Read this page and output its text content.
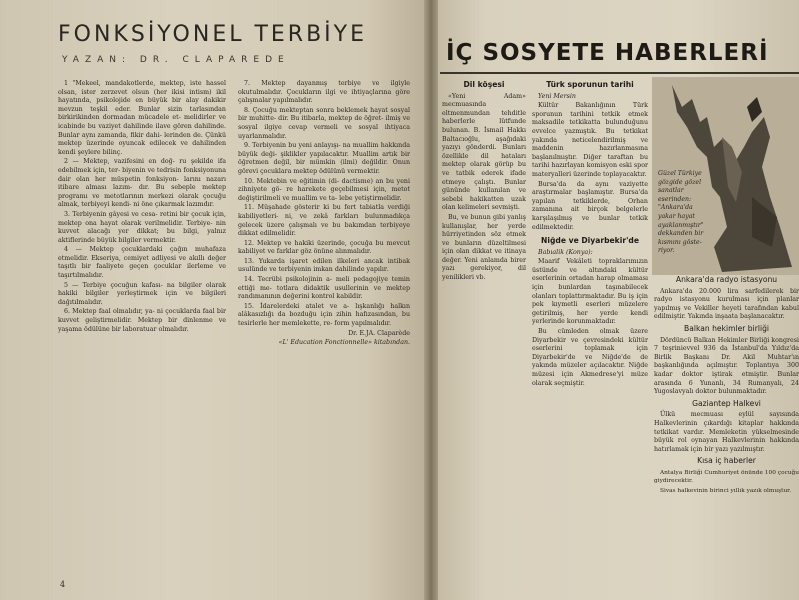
FONKSİYONEL TERBİYE
YAZAN: DR. CLAPAREDE

1 "Mekeel, mandakotlerde, mektep, iste hassel olsan, ister zerzevet olsun (her ikisi intism) ikil hayatında, psikolojide en büyük bir alay dakikir mevzun teşkil eder. Bunlar sizin tarlasından birkirikinden dormadan mücadele et- melidirler ve icabinde bu vaziyet dahilinde ilave gören dahilinde. Bunlar aynı zamanda, fikir dahi- lerinden de. Çünkü mektep üzerinde oyuncak edilecek ve dahilinden kendi şeylere bilinç.

2 — Mektep, vazifesini en doğ- ru şekilde ifa edebilmek için, ter- biyenin ve tedrisin fonksiyonuna dair olan her müspetin fonksiyon- larını nazarı itibare alması lazım- dır. Bu sebeple mektep programı ve metotlarının merkezi olarak çocuğu almak, terbiyeyi kendi- ni öne çıkarmak lazımdır.

3. Terbiyenin gâyesi ve cesa- retini bir çocuk için, mektep ona hayat olarak verilmelidir. Terbiye- nin kuvvet alacağı yer dikkat; bu bilgi, yalnız aktiflerinde büyük bilgiler vermektir.

4 — Mektep çocuklardaki çağın muhafaza etmelidir. Ekseriya, cemiyet adliyesi ve akıllı değer taşıtlı bir faaliyete geçen çocuklar ilerleme ve taşırtılmalıdır.

5 — Terbiye çocuğun kafası- na bilgiler olarak hakiki bilgiler yerleştirmek için ve bilgileri dağıtılmalıdır.

6. Mektep faal olmalıdır, ya- ni çocuklarda faal bir kuvvet geliştirmelidir. Mektep bir dinlenme ve yaşama ödülüne bir laboratuar olmalıdır.

7. Mektep dayanmış terbiye ve ilgiyle okutulmalıdır. Çocukların ilgi ve ihtiyaçlarına göre çalışmalar yapılmalıdır.

8. Çocuğu mekteptan sonra beklemek hayat sosyal bir muhitte- dir. Bu itibarla, mektep de öğret- ilmiş ve sosyal ilgiye cevap vermeli ve sosyal ihtiyaca uyarlanmalıdır.

9. Terbiyenin bu yeni anlayışı- na muallim hakkında büyük deği- şiklikler yapılacaktır. Muallim artık bir öğretmen değil, bir mümkin (ilmi) değildir. Onun görevi çocuklara mektep ödülünü vermektir.

10. Mektebin ve eğitimin (di- dactisme) an bu yeni zihniyete gö- re harekete geçebilmesi için, metot değiştirilmeli ve muallim ve ta- lebe yetiştirmelidir.

11. Müşahade gösterir ki bu fert tabiatla verdiği kabiliyetleri- ni, ve zekâ farkları bulunmadıkça gelecek üzere çalışmalı ve bu bakımdan terbiyeye dikkat edilmelidir.

12. Mektep ve hakiki üzerinde, çocuğa bu mevcut kabiliyet ve farklar göz önüne alınmalıdır.

13. Yukarda işaret edilen ilkeleri ancak intibak usulünde ve terbiyenin imkan dahilinde yapılır.

14. Tecrübi psikolojinin a- meli pedagojiye temin ettiği me- totlara didaktik usullerinin ve mektep randımanının değerini kontrol kabildir.

15. İdarelerdeki atalet ve a- lışkanlığı halkın alâkasızlığı da bozduğu için zihin hafızasından, bu tesirlerle her memlekette, re- form yapılmalıdır.

Dr. E.JA. Claparède

«L' Education Fonctionnelle» kitabından.

4
İÇ SOSYETE HABERLERİ
Dil köşesi

«Yeni Adam» mecmuasında eltmenmundan tehditle haberlerle lütfunde bulunan. B. İsmail Hakkı Baltacıoğlu, aşağıdaki yazıyı gönderdi. Bunları özellikle dil hataları mektep olarak görüp bu ve tatbik ederek ifade etmeye çalıştı. Bunlar gününde kullanılan ve sebebi hakikatten uzak olan kelimeleri sevmişti.

Bu, ve bunun gibi yanlış kullanışlar, her yerde hürriyetinden söz etmek ve bunların düzeltilmesi için olan dikkat ve itinaya değer. Yeni anlamda birer yazı gerekiyor, dil yenilikleri vb.

Türk sporunun tarihi

Yeni Mersin

Kültür Bakanlığının Türk sporunun tarihini tetkik etmek maksadile tetkikatta bulunduğunu evvelce yazmıştık. Bu tetkikat yakında neticelendirilmiş ve maddenin hazırlanmasına başlanılmıştır. Diğer taraftan bu tarihi hazırlayan komisyon eski spor materyalleri üzerinde toplayacaktır.

Bursa'da da aynı vaziyette araştırmalar başlamıştır. Bursa'da yapılan tetkiklerde, Orhan zamanına ait birçok belgelerle karşılaşılmış ve bunlar tetkik edilmektedir.

Niğde ve Diyarbekir'de

Babıalik (Konya):

Maarif Vekâleti topraklarımızın üstünde ve altındaki kültür eserlerinin ortadan harap olmaması için bunlardan taşınabilecek olanları toplattırmaktadır. Bu iş için pek kıymetli eserleri müzelere getirilmiş, her yerde kendi yerlerinde korunmaktadır.

Bu cümleden olmak üzere Diyarbekir ve çevresindeki kültür eserlerini toplamak için Diyarbekir'de ve Niğde'de de yakında müzeler açılacaktır. Niğde müzesi için Akmedrese'yi müze olarak seçmiştir.

Güzel Türkiye gözgide gözel sanatlar eserinden: "Ankara'da yakar hayat ayaklanmıştır" dekkanden bir kısmını göste- riyor.
Ankara'da radyo istasyonu

Ankara'da 20.000 lira sarfedilerek bir radyo istasyonu kurulması için planlar yapılmış ve Vekiller heyeti tarafından kabul edilmiştir. Yakında inşaata başlanacaktır.

Balkan hekimler birliği

Dördüncü Balkan Hekimler Birliği kongresi 7 teşrinievvel 936 da İstanbul'da Yıldız'da Birlik Başkanı Dr. Akil Muhtar'ın başkanlığında açılmıştır. Toplantıya 300 kadar doktor iştirak etmiştir. Bunlar arasında 6 Yunanlı, 34 Rumanyalı, 24 Yugoslavyalı doktor bulunmaktadır.

Gaziantep Halkevi

Ülkü mecmuası eylül sayısında Halkevlerinin çıkardığı kitaplar hakkında tetkikat vardır. Memleketin yükselmesinde büyük rol oynayan Halkevlerinin hakkında hatırlamak için bir yazı yazılmıştır.

Kısa iç haberler

Antalya Birliği Cumhuriyet önünde 100 çocuğu giydirecektir.

Sivas halkevinin birinci yıllık yazık olmuştur.
